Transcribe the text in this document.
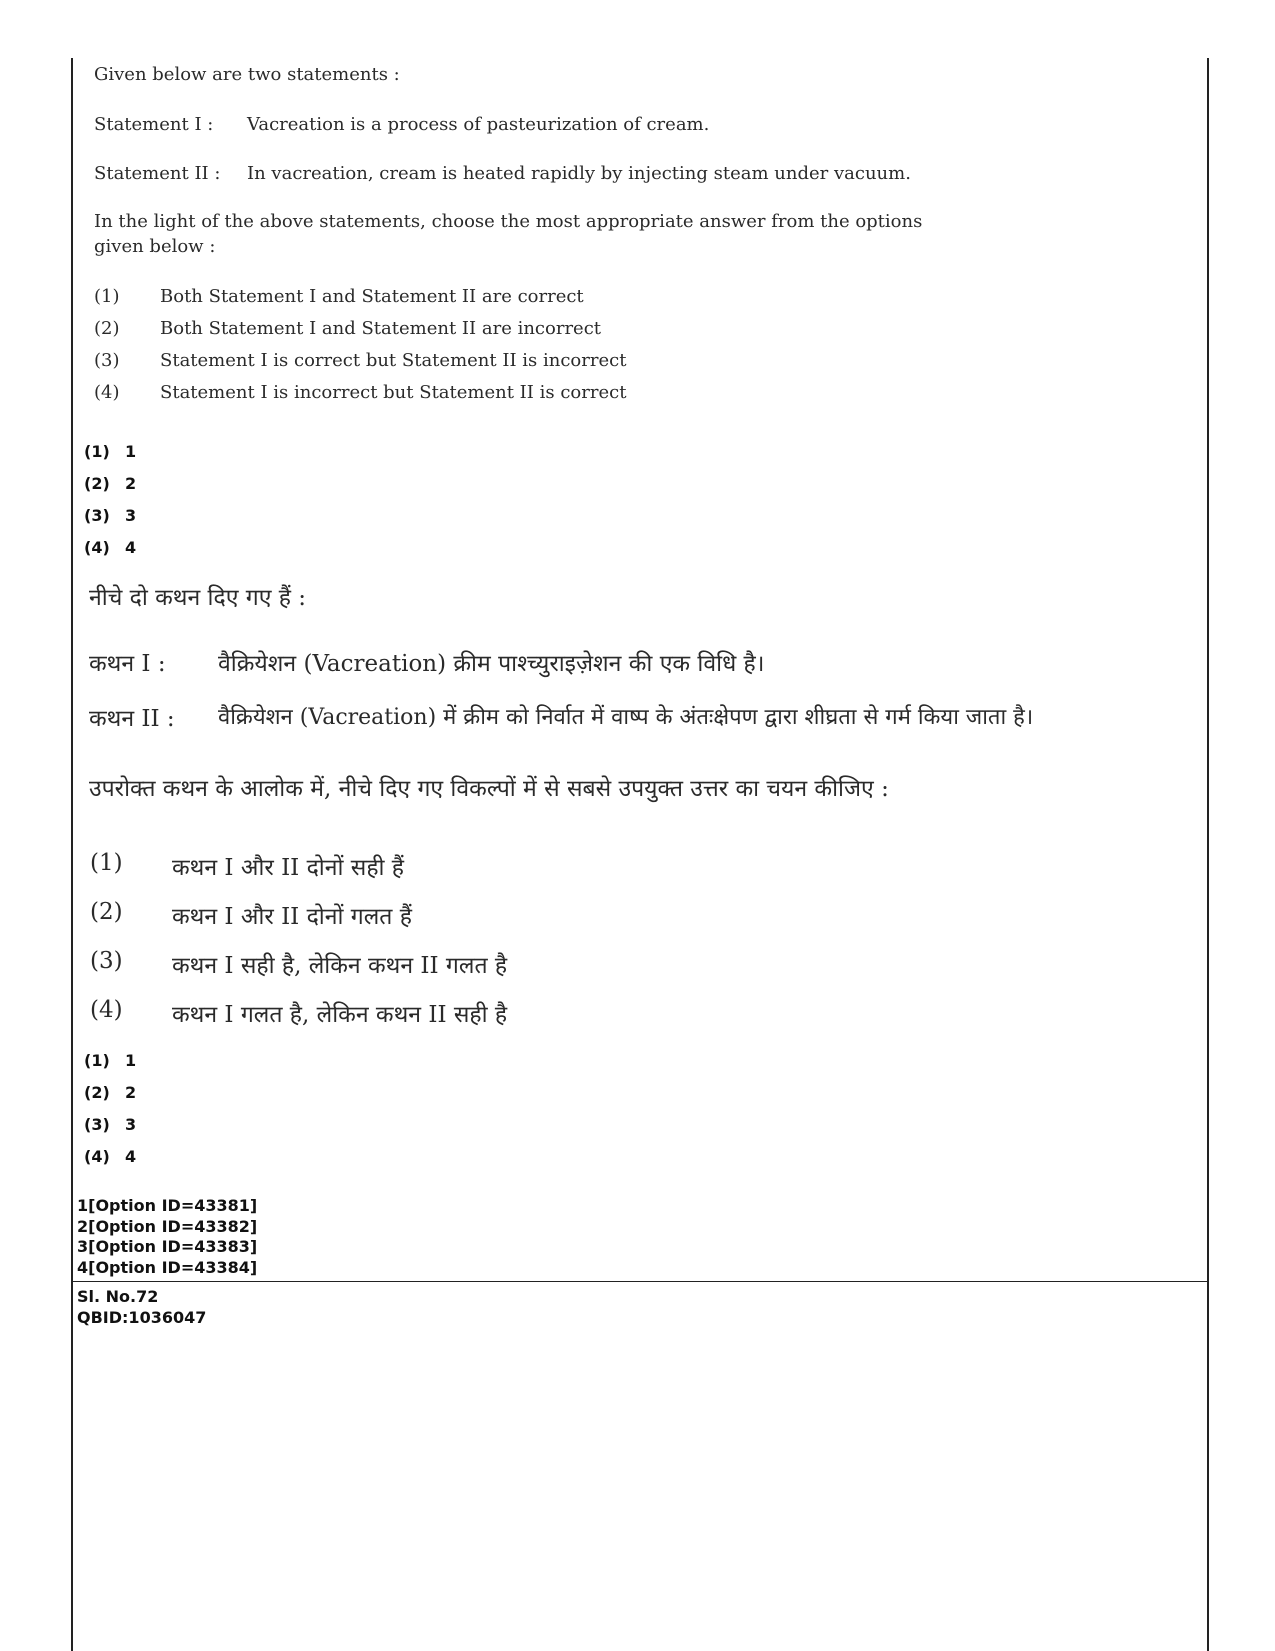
Given below are two statements :
Statement I : Vacreation is a process of pasteurization of cream.
Statement II : In vacreation, cream is heated rapidly by injecting steam under vacuum.
In the light of the above statements, choose the most appropriate answer from the options
given below :
(1) Both Statement I and Statement II are correct
(2) Both Statement I and Statement II are incorrect
(3) Statement I is correct but Statement II is incorrect
(4) Statement I is incorrect but Statement II is correct
(1) 1
(2) 2
(3) 3
(4) 4
नीचे दो कथन दिए गए हैं :
कथन I : वैक्रियेशन (Vacreation) क्रीम पाश्च्युराइज़ेशन की एक विधि है।
कथन II : वैक्रियेशन (Vacreation) में क्रीम को निर्वात में वाष्प के अंतःक्षेपण द्वारा शीघ्रता से गर्म किया जाता है।
उपरोक्त कथन के आलोक में, नीचे दिए गए विकल्पों में से सबसे उपयुक्त उत्तर का चयन कीजिए :
(1) कथन I और II दोनों सही हैं
(2) कथन I और II दोनों गलत हैं
(3) कथन I सही है, लेकिन कथन II गलत है
(4) कथन I गलत है, लेकिन कथन II सही है
(1) 1
(2) 2
(3) 3
(4) 4
1[Option ID=43381]
2[Option ID=43382]
3[Option ID=43383]
4[Option ID=43384]
Sl. No.72
QBID:1036047
